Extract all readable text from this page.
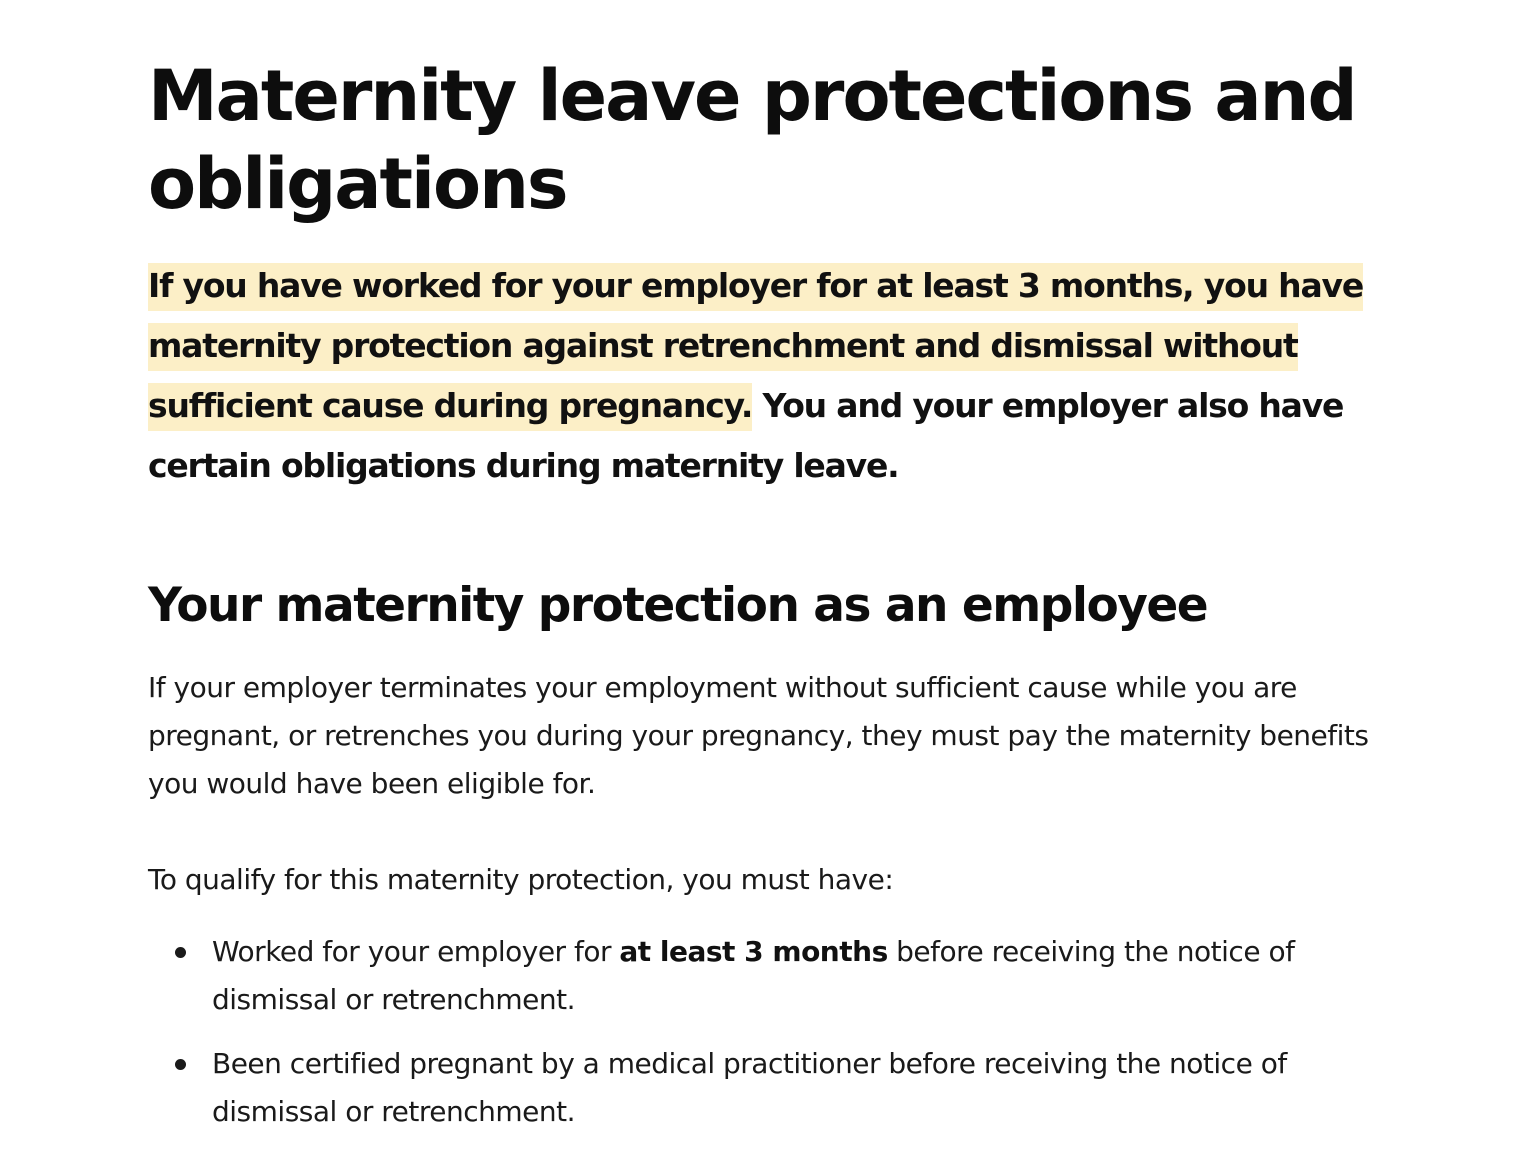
Maternity leave protections and obligations

If you have worked for your employer for at least 3 months, you have maternity protection against retrenchment and dismissal without sufficient cause during pregnancy. You and your employer also have certain obligations during maternity leave.

Your maternity protection as an employee

If your employer terminates your employment without sufficient cause while you are pregnant, or retrenches you during your pregnancy, they must pay the maternity benefits you would have been eligible for.

To qualify for this maternity protection, you must have:

Worked for your employer for at least 3 months before receiving the notice of dismissal or retrenchment.
Been certified pregnant by a medical practitioner before receiving the notice of dismissal or retrenchment.
